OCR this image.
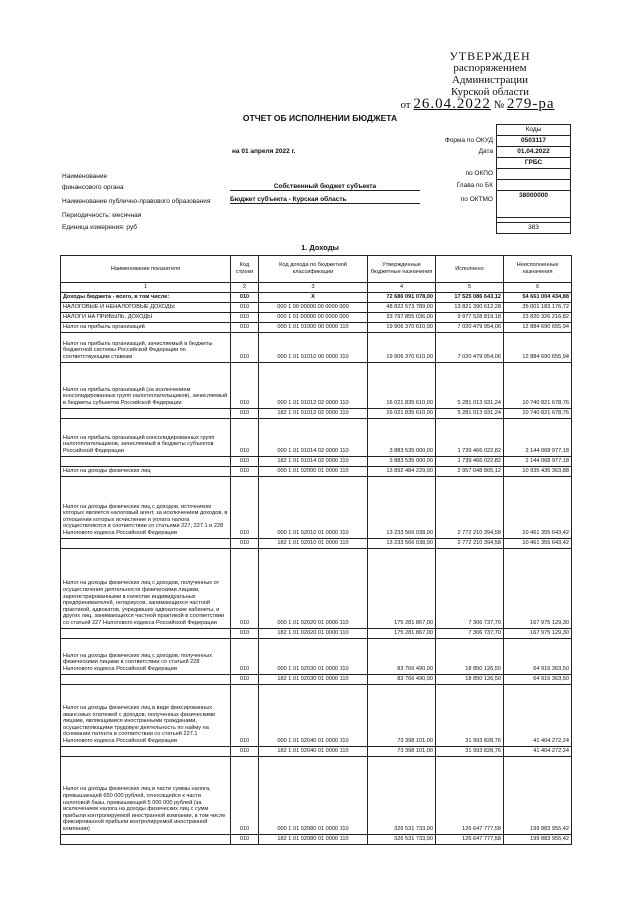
УТВЕРЖДЕН
распоряжением Администрации
Курской области
от 26.04.2022 № 279-ра
ОТЧЕТ ОБ ИСПОЛНЕНИИ БЮДЖЕТА
Коды
0503117
01.04.2022
ГРБС
38000000
383
Форма по ОКУД
Дата
на 01 апреля 2022 г.
по ОКПО
Наименование
финансового органа	Собственный бюджет субъекта	Глава по БК
Наименование публично-правового образования	Бюджет субъекта - Курская область	по ОКТМО
Периодичность: месячная
Единица измерения: руб
1. Доходы
Наименование показателя	Код строки	Код дохода по бюджетной классификации	Утвержденные бюджетные назначения	Исполнено	Неисполненные назначения
1	2	3	4	5	6
Доходы бюджета - всего, в том числе:	010	X	72 686 091 078,00	17 525 086 643,12	54 661 004 434,88
НАЛОГОВЫЕ И НЕНАЛОГОВЫЕ ДОХОДЫ	010	000 1 00 00000 00 0000 000	48 822 573 789,00	13 821 390 612,28	35 001 183 176,72
НАЛОГИ НА ПРИБЫЛЬ, ДОХОДЫ	010	000 1 01 00000 00 0000 000	33 797 855 036,00	9 977 528 819,18	23 820 326 216,82
Налог на прибыль организаций	010	000 1 01 01000 00 0000 110	19 906 370 610,00	7 020 479 954,06	12 884 690 655,94
Налог на прибыль организаций, зачисляемый в бюджеты бюджетной системы Российской Федерации по соответствующим ставкам	010	000 1 01 01010 00 0000 110	19 906 370 610,00	7 020 479 954,06	12 884 690 655,94
Налог на прибыль организаций (за исключением консолидированных групп налогоплательщиков), зачисляемый в бюджеты субъектов Российской Федерации	010	000 1 01 01012 02 0000 110	16 021 835 610,00	5 281 013 931,24	10 740 821 678,76
	010	182 1 01 01012 02 0000 110	16 021 835 610,00	5 281 013 931,24	10 740 821 678,76
Налог на прибыль организаций консолидированных групп налогоплательщиков, зачисляемый в бюджеты субъектов Российской Федерации	010	000 1 01 01014 02 0000 110	3 883 535 000,00	1 739 466 022,82	2 144 068 977,18
	010	182 1 01 01014 02 0000 110	3 883 535 000,00	1 739 466 022,82	2 144 068 977,18
Налог на доходы физических лиц	010	000 1 01 02000 01 0000 110	13 892 484 229,00	2 957 048 865,12	10 935 435 363,88
Налог на доходы физических лиц с доходов, источником которых является налоговый агент, за исключением доходов, в отношении которых исчисление и уплата налога осуществляются в соответствии со статьями 227, 227.1 и 228 Налогового кодекса Российской Федерации	010	000 1 01 02010 01 0000 110	13 233 566 038,00	2 772 210 394,58	10 461 355 643,42
	010	182 1 01 02010 01 0000 110	13 233 566 038,00	2 772 210 394,58	10 461 355 643,42
Налог на доходы физических лиц с доходов, полученных от осуществления деятельности физическими лицами, зарегистрированными в качестве индивидуальных предпринимателей, нотариусов, занимающихся частной практикой, адвокатов, учредивших адвокатские кабинеты, и других лиц, занимающихся частной практикой в соответствии со статьей 227 Налогового кодекса Российской Федерации	010	000 1 01 02020 01 0000 110	175 281 867,00	7 306 737,70	167 975 129,30
	010	182 1 01 02020 01 0000 110	175 281 867,00	7 306 737,70	167 975 129,30
Налог на доходы физических лиц с доходов, полученных физическими лицами в соответствии со статьей 228 Налогового кодекса Российской Федерации	010	000 1 01 02030 01 0000 110	83 766 490,00	18 850 126,50	64 916 363,50
	010	182 1 01 02030 01 0000 110	83 766 490,00	18 850 126,50	64 916 363,50
Налог на доходы физических лиц в виде фиксированных авансовых платежей с доходов, полученных физическими лицами, являющимися иностранными гражданами, осуществляющими трудовую деятельность по найму на основании патента в соответствии со статьей 227.1 Налогового кодекса Российской Федерации	010	000 1 01 02040 01 0000 110	73 398 101,00	31 993 828,76	41 404 272,24
	010	182 1 01 02040 01 0000 110	73 398 101,00	31 993 828,76	41 404 272,24
Налог на доходы физических лиц в части суммы налога, превышающей 650 000 рублей, относящейся к части налоговой базы, превышающей 5 000 000 рублей (за исключением налога на доходы физических лиц с сумм прибыли контролируемой иностранной компании, в том числе фиксированной прибыли контролируемой иностранной компании)	010	000 1 01 02080 01 0000 110	326 531 733,00	126 647 777,58	199 883 955,42
	010	182 1 01 02080 01 0000 110	326 531 733,00	126 647 777,58	199 883 955,42
